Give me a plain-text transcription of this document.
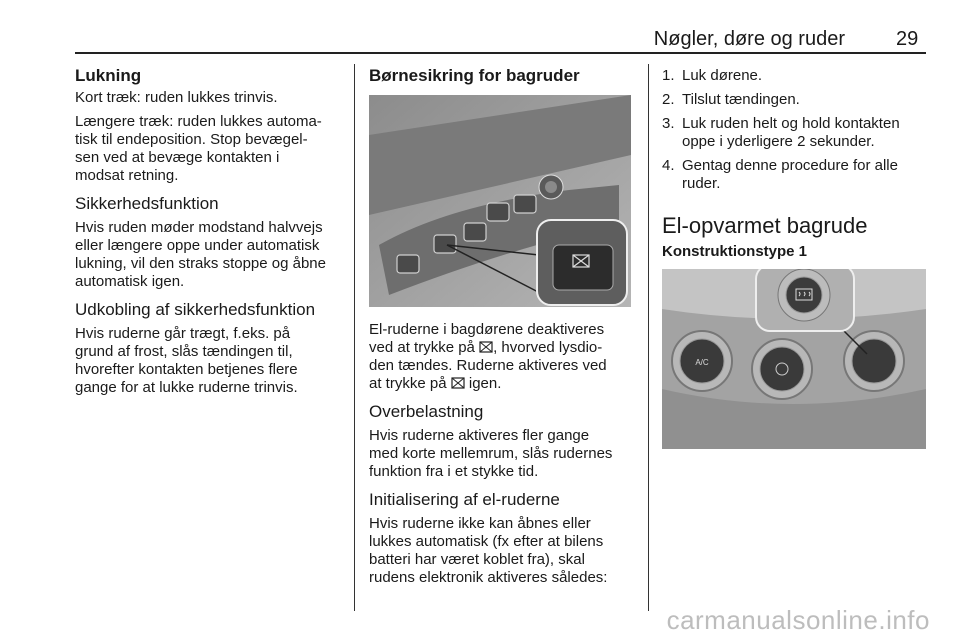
Nøgler, døre og ruder	29
Lukning

Kort træk: ruden lukkes trinvis.

Længere træk: ruden lukkes automa-
tisk til endeposition. Stop bevægel-
sen ved at bevæge kontakten i
modsat retning.

Sikkerhedsfunktion

Hvis ruden møder modstand halvvejs
eller længere oppe under automatisk
lukning, vil den straks stoppe og åbne
automatisk igen.

Udkobling af sikkerhedsfunktion

Hvis ruderne går trægt, f.eks. på
grund af frost, slås tændingen til,
hvorefter kontakten betjenes flere
gange for at lukke ruderne trinvis.

Børnesikring for bagruder

El-ruderne i bagdørene deaktiveres
ved at trykke på , hvorved lysdio-
den tændes. Ruderne aktiveres ved
at trykke på  igen.

Overbelastning

Hvis ruderne aktiveres fler gange
med korte mellemrum, slås rudernes
funktion fra i et stykke tid.

Initialisering af el-ruderne

Hvis ruderne ikke kan åbnes eller
lukkes automatisk (fx efter at bilens
batteri har været koblet fra), skal
rudens elektronik aktiveres således:

1. Luk dørene.
2. Tilslut tændingen.
3. Luk ruden helt og hold kontakten
oppe i yderligere 2 sekunder.
4. Gentag denne procedure for alle
ruder.
El-opvarmet bagrude
Konstruktionstype 1
A/C
carmanualsonline.info
